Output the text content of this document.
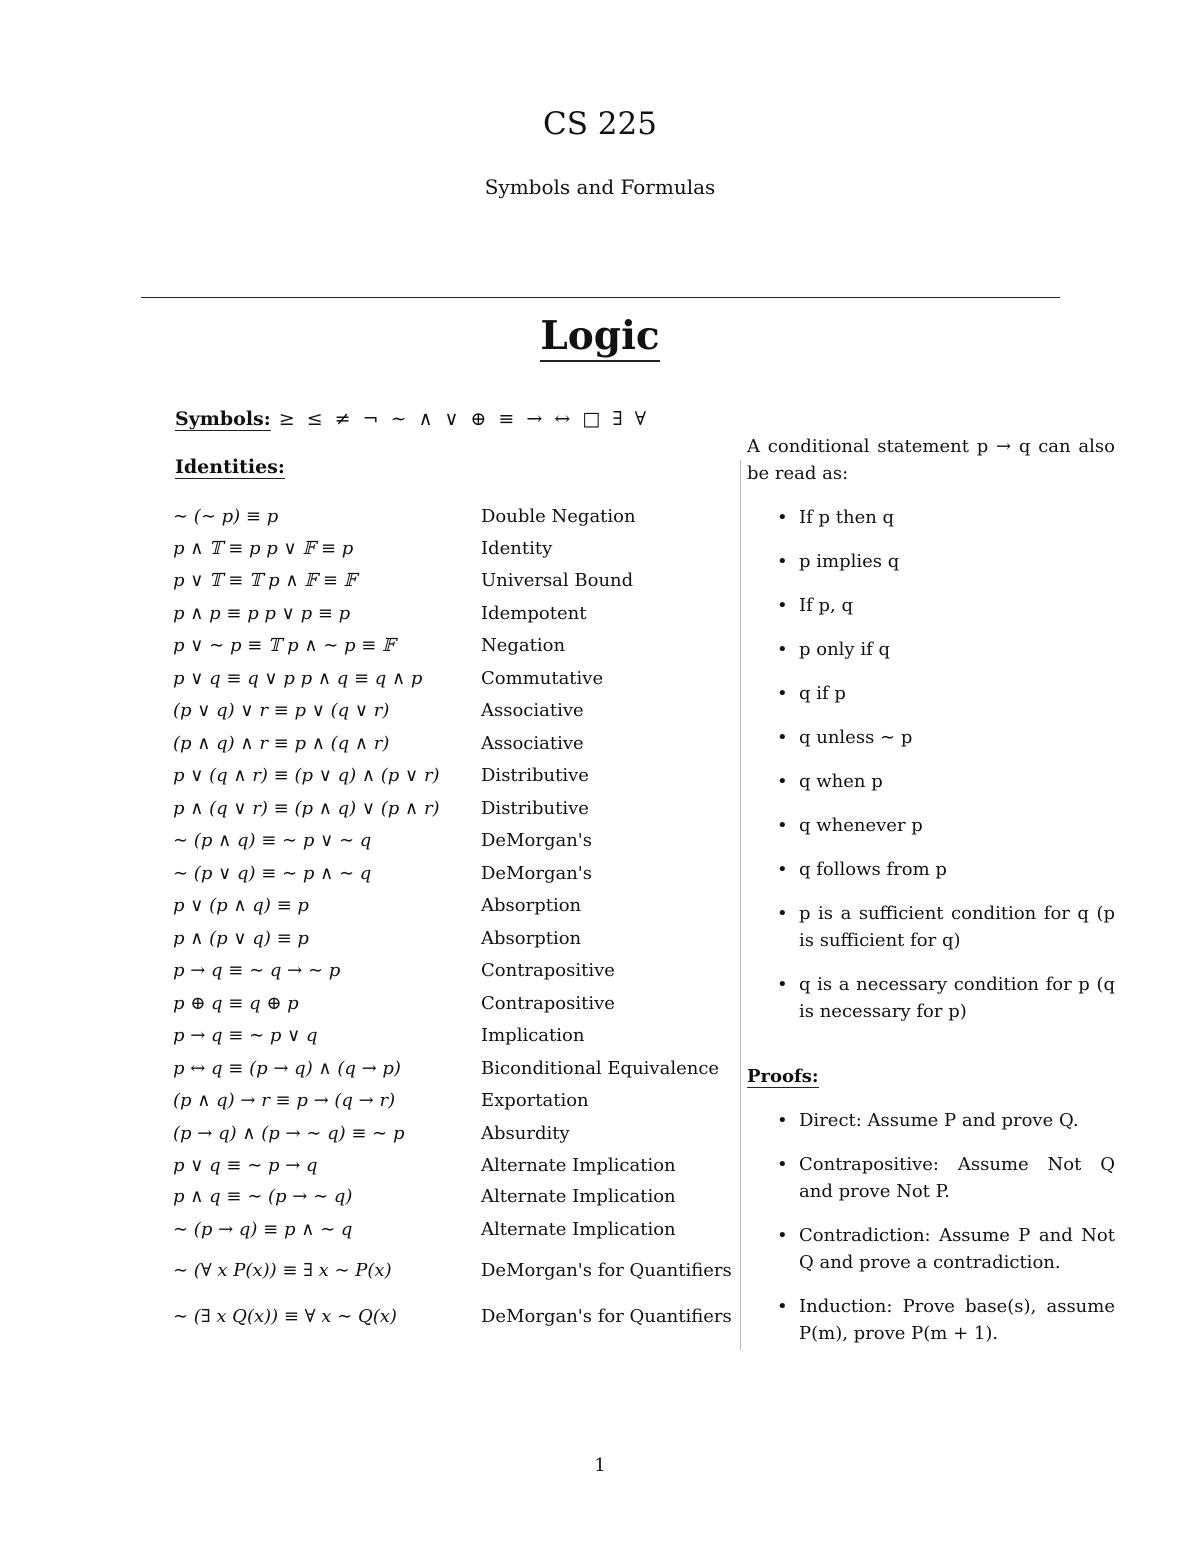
CS 225
Symbols and Formulas
Logic
Symbols: ≥ ≤ ≠ ¬ ∼ ∧ ∨ ⊕ ≡ → ↔ □ ∃ ∀
Identities:
∼ (∼ p) ≡ p	Double Negation
p ∧ 𝕋 ≡ p p ∨ 𝔽 ≡ p	Identity
p ∨ 𝕋 ≡ 𝕋 p ∧ 𝔽 ≡ 𝔽	Universal Bound
p ∧ p ≡ p p ∨ p ≡ p	Idempotent
p ∨ ∼ p ≡ 𝕋 p ∧ ∼ p ≡ 𝔽	Negation
p ∨ q ≡ q ∨ p p ∧ q ≡ q ∧ p	Commutative
(p ∨ q) ∨ r ≡ p ∨ (q ∨ r)	Associative
(p ∧ q) ∧ r ≡ p ∧ (q ∧ r)	Associative
p ∨ (q ∧ r) ≡ (p ∨ q) ∧ (p ∨ r) Distributive
p ∧ (q ∨ r) ≡ (p ∧ q) ∨ (p ∧ r) Distributive
∼ (p ∧ q) ≡ ∼ p ∨ ∼ q	DeMorgan's
∼ (p ∨ q) ≡ ∼ p ∧ ∼ q	DeMorgan's
p ∨ (p ∧ q) ≡ p	Absorption
p ∧ (p ∨ q) ≡ p	Absorption
p → q ≡ ∼ q → ∼ p	Contrapositive
p ⊕ q ≡ q ⊕ p	Contrapositive
p → q ≡ ∼ p ∨ q	Implication
p ↔ q ≡ (p → q) ∧ (q → p)	Biconditional Equivalence
(p ∧ q) → r ≡ p → (q → r)	Exportation
(p → q) ∧ (p → ∼ q) ≡ ∼ p	Absurdity
p ∨ q ≡ ∼ p → q	Alternate Implication
p ∧ q ≡ ∼ (p → ∼ q)	Alternate Implication
∼ (p → q) ≡ p ∧ ∼ q	Alternate Implication
∼ (∀ x P(x)) ≡ ∃ x ∼ P(x)	DeMorgan's for Quantifiers
∼ (∃ x Q(x)) ≡ ∀ x ∼ Q(x)	DeMorgan's for Quantifiers
A conditional statement p → q can also be read as:
• If p then q
• p implies q
• If p, q
• p only if q
• q if p
• q unless ∼ p
• q when p
• q whenever p
• q follows from p
• p is a sufficient condition for q (p is sufficient for q)
• q is a necessary condition for p (q is necessary for p)
Proofs:
• Direct: Assume P and prove Q.
• Contrapositive: Assume Not Q and prove Not P.
• Contradiction: Assume P and Not Q and prove a contradiction.
• Induction: Prove base(s), assume P(m), prove P(m + 1).
1
